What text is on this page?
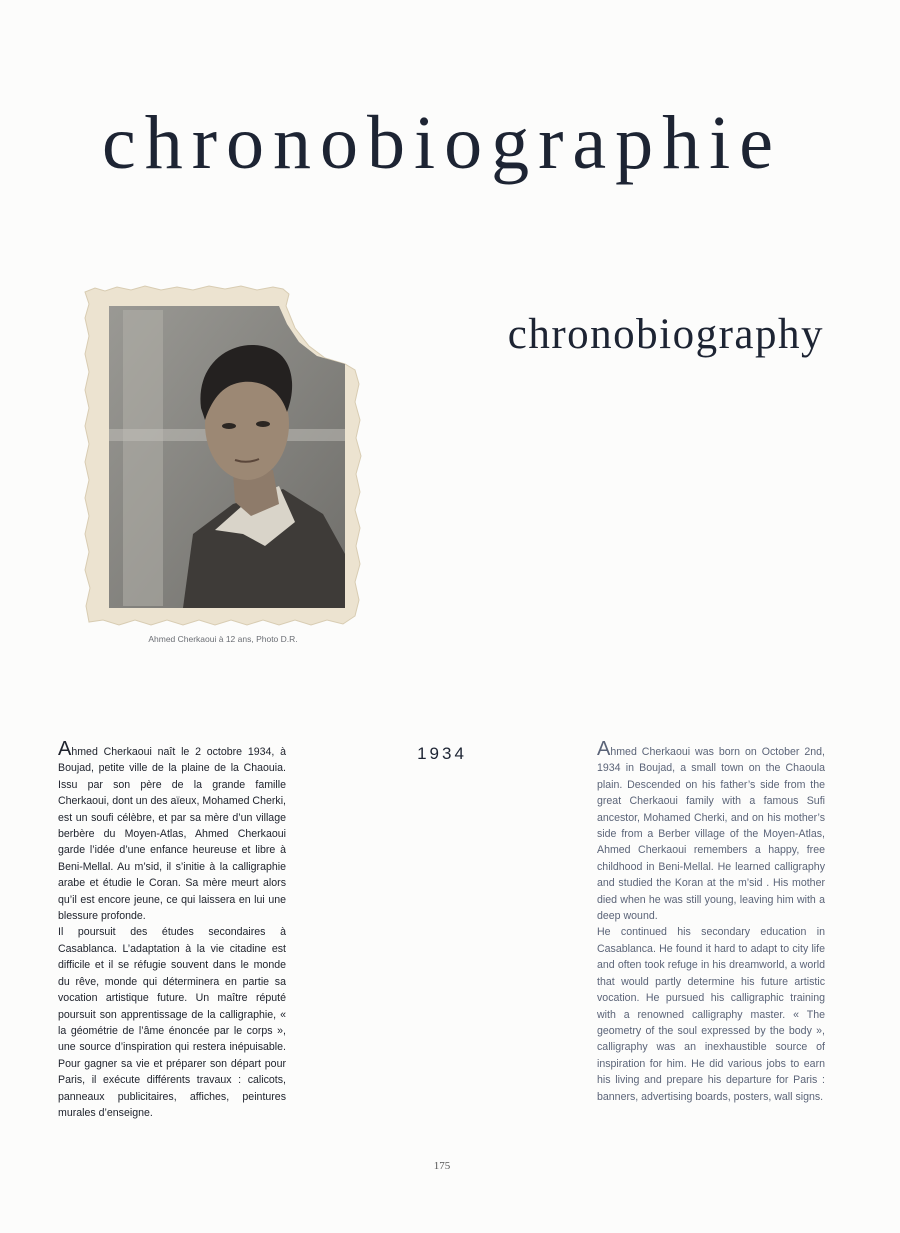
chronobiographie
chronobiography
Ahmed Cherkaoui à 12 ans, Photo D.R.
1934

Ahmed Cherkaoui naît le 2 octobre 1934, à Boujad, petite ville de la plaine de la Chaouia. Issu par son père de la grande famille Cherkaoui, dont un des aïeux, Mohamed Cherki, est un soufi célèbre, et par sa mère d’un village berbère du Moyen-Atlas, Ahmed Cherkaoui garde l’idée d’une enfance heureuse et libre à Beni-Mellal. Au m’sid, il s’initie à la calligraphie arabe et étudie le Coran. Sa mère meurt alors qu’il est encore jeune, ce qui laissera en lui une blessure profonde.

Il poursuit des études secondaires à Casablanca. L’adaptation à la vie citadine est difficile et il se réfugie souvent dans le monde du rêve, monde qui déterminera en partie sa vocation artistique future. Un maître réputé poursuit son apprentissage de la calligraphie, « la géométrie de l’âme énoncée par le corps », une source d’inspiration qui restera inépuisable. Pour gagner sa vie et préparer son départ pour Paris, il exécute différents travaux : calicots, panneaux publicitaires, affiches, peintures murales d’enseigne.

Ahmed Cherkaoui was born on October 2nd, 1934 in Boujad, a small town on the Chaoula plain. Descended on his father’s side from the great Cherkaoui family with a famous Sufi ancestor, Mohamed Cherki, and on his mother’s side from a Berber village of the Moyen-Atlas, Ahmed Cherkaoui remembers a happy, free childhood in Beni-Mellal. He learned calligraphy and studied the Koran at the m’sid . His mother died when he was still young, leaving him with a deep wound.

He continued his secondary education in Casablanca. He found it hard to adapt to city life and often took refuge in his dreamworld, a world that would partly determine his future artistic vocation. He pursued his calligraphic training with a renowned calligraphy master. « The geometry of the soul expressed by the body », calligraphy was an inexhaustible source of inspiration for him. He did various jobs to earn his living and prepare his departure for Paris : banners, advertising boards, posters, wall signs.

175
